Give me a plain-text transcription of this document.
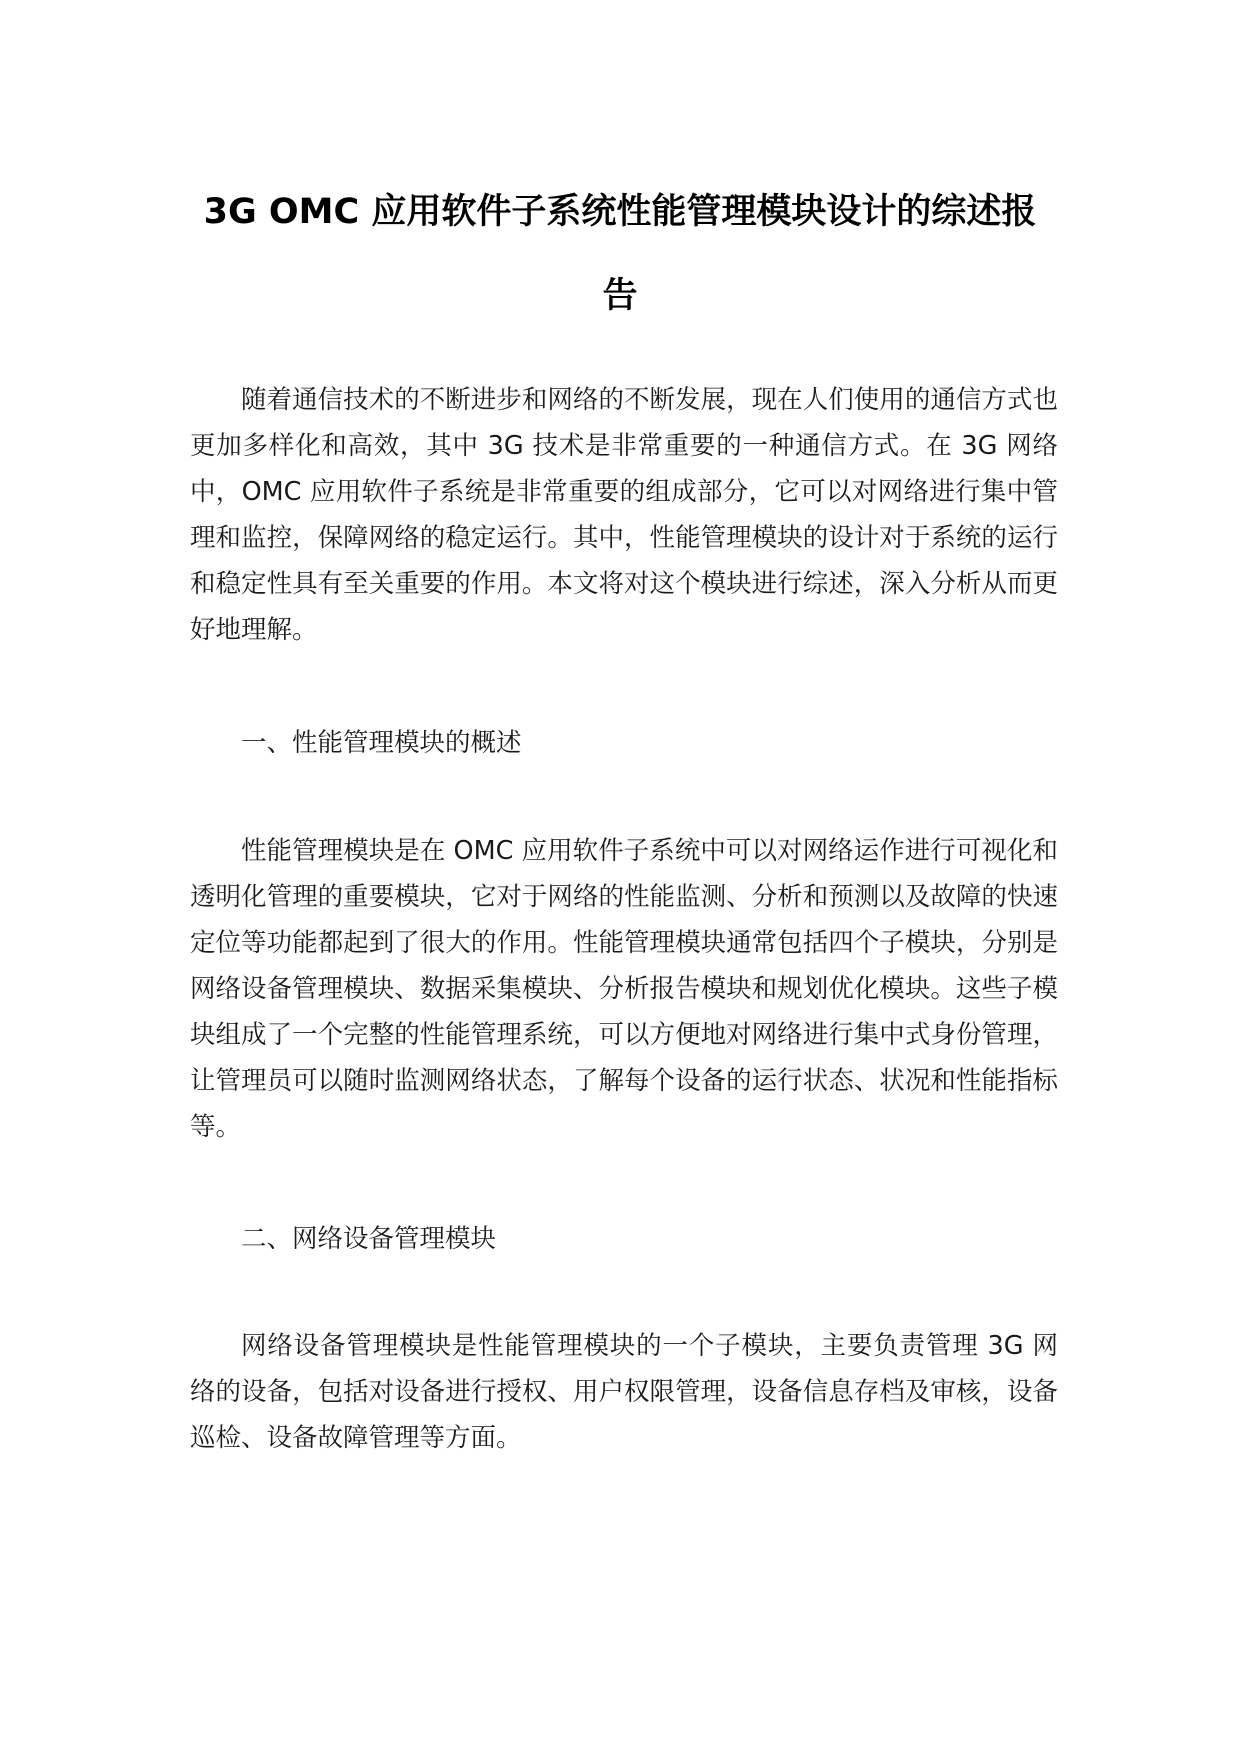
3G OMC 应用软件子系统性能管理模块设计的综述报告

随着通信技术的不断进步和网络的不断发展，现在人们使用的通信方式也更加多样化和高效，其中 3G 技术是非常重要的一种通信方式。在 3G 网络中，OMC 应用软件子系统是非常重要的组成部分，它可以对网络进行集中管理和监控，保障网络的稳定运行。其中，性能管理模块的设计对于系统的运行和稳定性具有至关重要的作用。本文将对这个模块进行综述，深入分析从而更好地理解。

一、性能管理模块的概述

性能管理模块是在 OMC 应用软件子系统中可以对网络运作进行可视化和透明化管理的重要模块，它对于网络的性能监测、分析和预测以及故障的快速定位等功能都起到了很大的作用。性能管理模块通常包括四个子模块，分别是网络设备管理模块、数据采集模块、分析报告模块和规划优化模块。这些子模块组成了一个完整的性能管理系统，可以方便地对网络进行集中式身份管理，让管理员可以随时监测网络状态，了解每个设备的运行状态、状况和性能指标等。

二、网络设备管理模块

网络设备管理模块是性能管理模块的一个子模块，主要负责管理 3G 网络的设备，包括对设备进行授权、用户权限管理，设备信息存档及审核，设备巡检、设备故障管理等方面。
